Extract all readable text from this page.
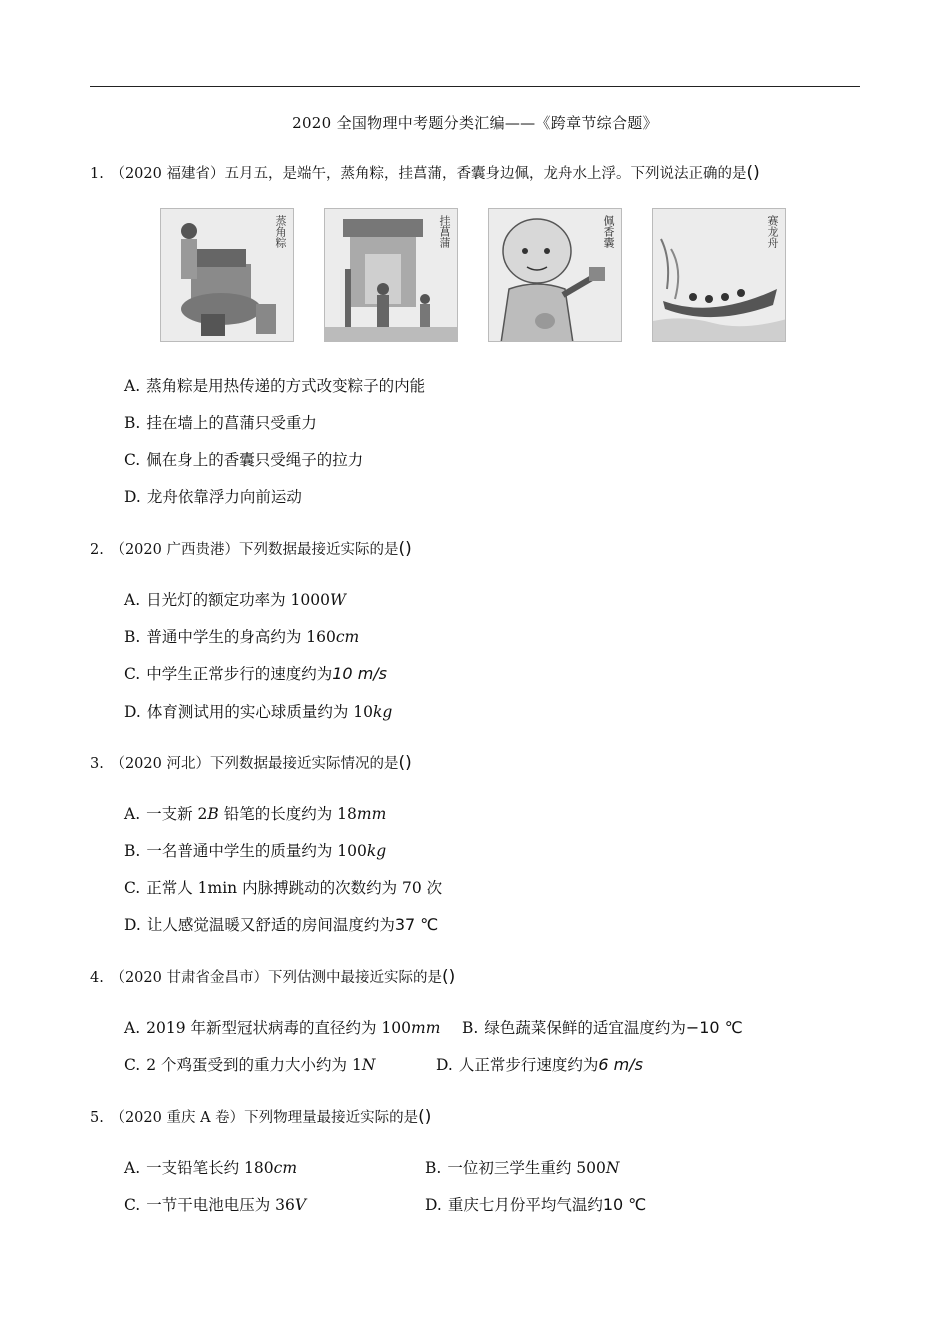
2020 全国物理中考题分类汇编——《跨章节综合题》
1. （2020 福建省）五月五，是端午，蒸角粽，挂菖蒲，香囊身边佩，龙舟水上浮。下列说法正确的是()
蒸角粽	挂菖蒲	佩香囊	赛龙舟
A. 蒸角粽是用热传递的方式改变粽子的内能
B. 挂在墙上的菖蒲只受重力
C. 佩在身上的香囊只受绳子的拉力
D. 龙舟依靠浮力向前运动
2. （2020 广西贵港）下列数据最接近实际的是()
A. 日光灯的额定功率为 1000W
B. 普通中学生的身高约为 160cm
C. 中学生正常步行的速度约为10 m/s
D. 体育测试用的实心球质量约为 10kg
3. （2020 河北）下列数据最接近实际情况的是()
A. 一支新 2B 铅笔的长度约为 18mm
B. 一名普通中学生的质量约为 100kg
C. 正常人 1min 内脉搏跳动的次数约为 70 次
D. 让人感觉温暖又舒适的房间温度约为37 ℃
4. （2020 甘肃省金昌市）下列估测中最接近实际的是()
A. 2019 年新型冠状病毒的直径约为 100mm B. 绿色蔬菜保鲜的适宜温度约为−10 ℃
C. 2 个鸡蛋受到的重力大小约为 1N	D. 人正常步行速度约为6 m/s
5. （2020 重庆 A 卷）下列物理量最接近实际的是()
A. 一支铅笔长约 180cm	B. 一位初三学生重约 500N
C. 一节干电池电压为 36V	D. 重庆七月份平均气温约10 ℃
